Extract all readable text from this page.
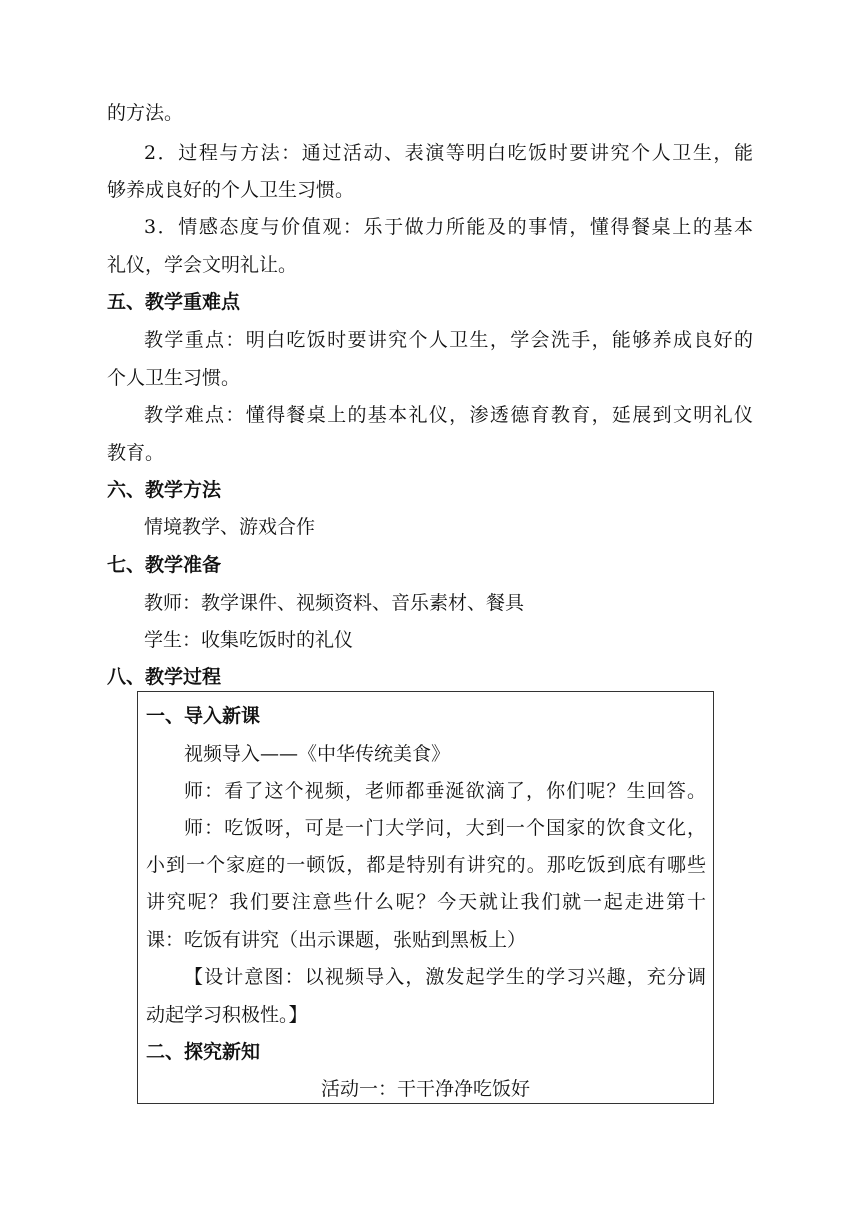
的方法。
2．过程与方法：通过活动、表演等明白吃饭时要讲究个人卫生，能
够养成良好的个人卫生习惯。
3．情感态度与价值观：乐于做力所能及的事情，懂得餐桌上的基本
礼仪，学会文明礼让。
五、教学重难点
教学重点：明白吃饭时要讲究个人卫生，学会洗手，能够养成良好的
个人卫生习惯。
教学难点：懂得餐桌上的基本礼仪，渗透德育教育，延展到文明礼仪
教育。
六、教学方法
情境教学、游戏合作
七、教学准备
教师：教学课件、视频资料、音乐素材、餐具
学生：收集吃饭时的礼仪
八、教学过程
一、导入新课
视频导入——《中华传统美食》
师：看了这个视频，老师都垂涎欲滴了，你们呢？生回答。
师：吃饭呀，可是一门大学问，大到一个国家的饮食文化，
小到一个家庭的一顿饭，都是特别有讲究的。那吃饭到底有哪些
讲究呢？我们要注意些什么呢？今天就让我们就一起走进第十
课：吃饭有讲究（出示课题，张贴到黑板上）
【设计意图：以视频导入，激发起学生的学习兴趣，充分调
动起学习积极性。】
二、探究新知
活动一：干干净净吃饭好
